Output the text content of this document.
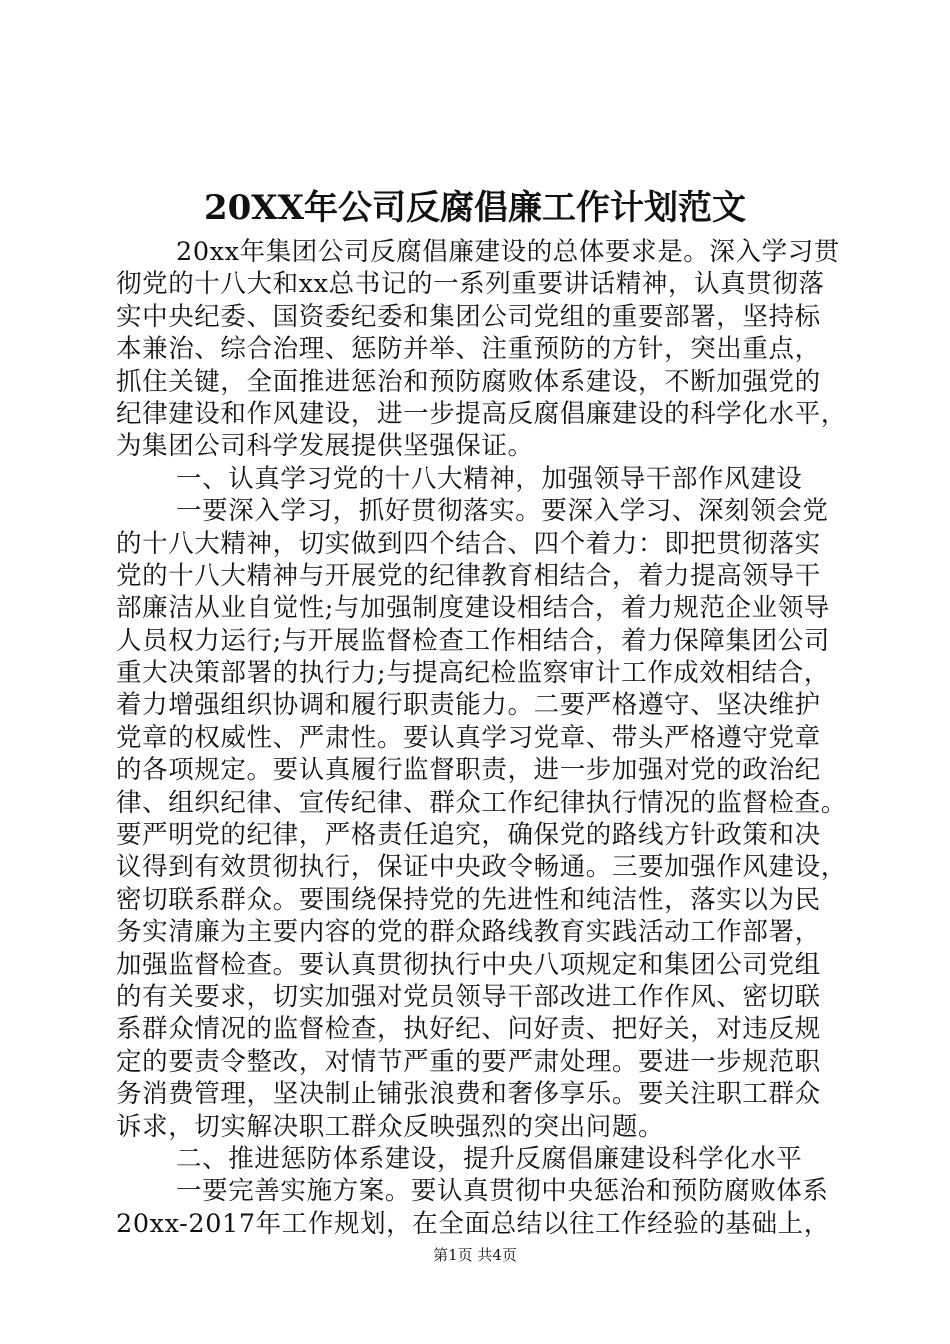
20XX年公司反腐倡廉工作计划范文
20xx年集团公司反腐倡廉建设的总体要求是。深入学习贯
彻党的十八大和xx总书记的一系列重要讲话精神，认真贯彻落
实中央纪委、国资委纪委和集团公司党组的重要部署，坚持标
本兼治、综合治理、惩防并举、注重预防的方针，突出重点，
抓住关键，全面推进惩治和预防腐败体系建设，不断加强党的
纪律建设和作风建设，进一步提高反腐倡廉建设的科学化水平，
为集团公司科学发展提供坚强保证。
一、认真学习党的十八大精神，加强领导干部作风建设
一要深入学习，抓好贯彻落实。要深入学习、深刻领会党
的十八大精神，切实做到四个结合、四个着力：即把贯彻落实
党的十八大精神与开展党的纪律教育相结合，着力提高领导干
部廉洁从业自觉性;与加强制度建设相结合，着力规范企业领导
人员权力运行;与开展监督检查工作相结合，着力保障集团公司
重大决策部署的执行力;与提高纪检监察审计工作成效相结合，
着力增强组织协调和履行职责能力。二要严格遵守、坚决维护
党章的权威性、严肃性。要认真学习党章、带头严格遵守党章
的各项规定。要认真履行监督职责，进一步加强对党的政治纪
律、组织纪律、宣传纪律、群众工作纪律执行情况的监督检查。
要严明党的纪律，严格责任追究，确保党的路线方针政策和决
议得到有效贯彻执行，保证中央政令畅通。三要加强作风建设，
密切联系群众。要围绕保持党的先进性和纯洁性，落实以为民
务实清廉为主要内容的党的群众路线教育实践活动工作部署，
加强监督检查。要认真贯彻执行中央八项规定和集团公司党组
的有关要求，切实加强对党员领导干部改进工作作风、密切联
系群众情况的监督检查，执好纪、问好责、把好关，对违反规
定的要责令整改，对情节严重的要严肃处理。要进一步规范职
务消费管理，坚决制止铺张浪费和奢侈享乐。要关注职工群众
诉求，切实解决职工群众反映强烈的突出问题。
二、推进惩防体系建设，提升反腐倡廉建设科学化水平
一要完善实施方案。要认真贯彻中央惩治和预防腐败体系
20xx-2017年工作规划，在全面总结以往工作经验的基础上，
第1页 共4页
